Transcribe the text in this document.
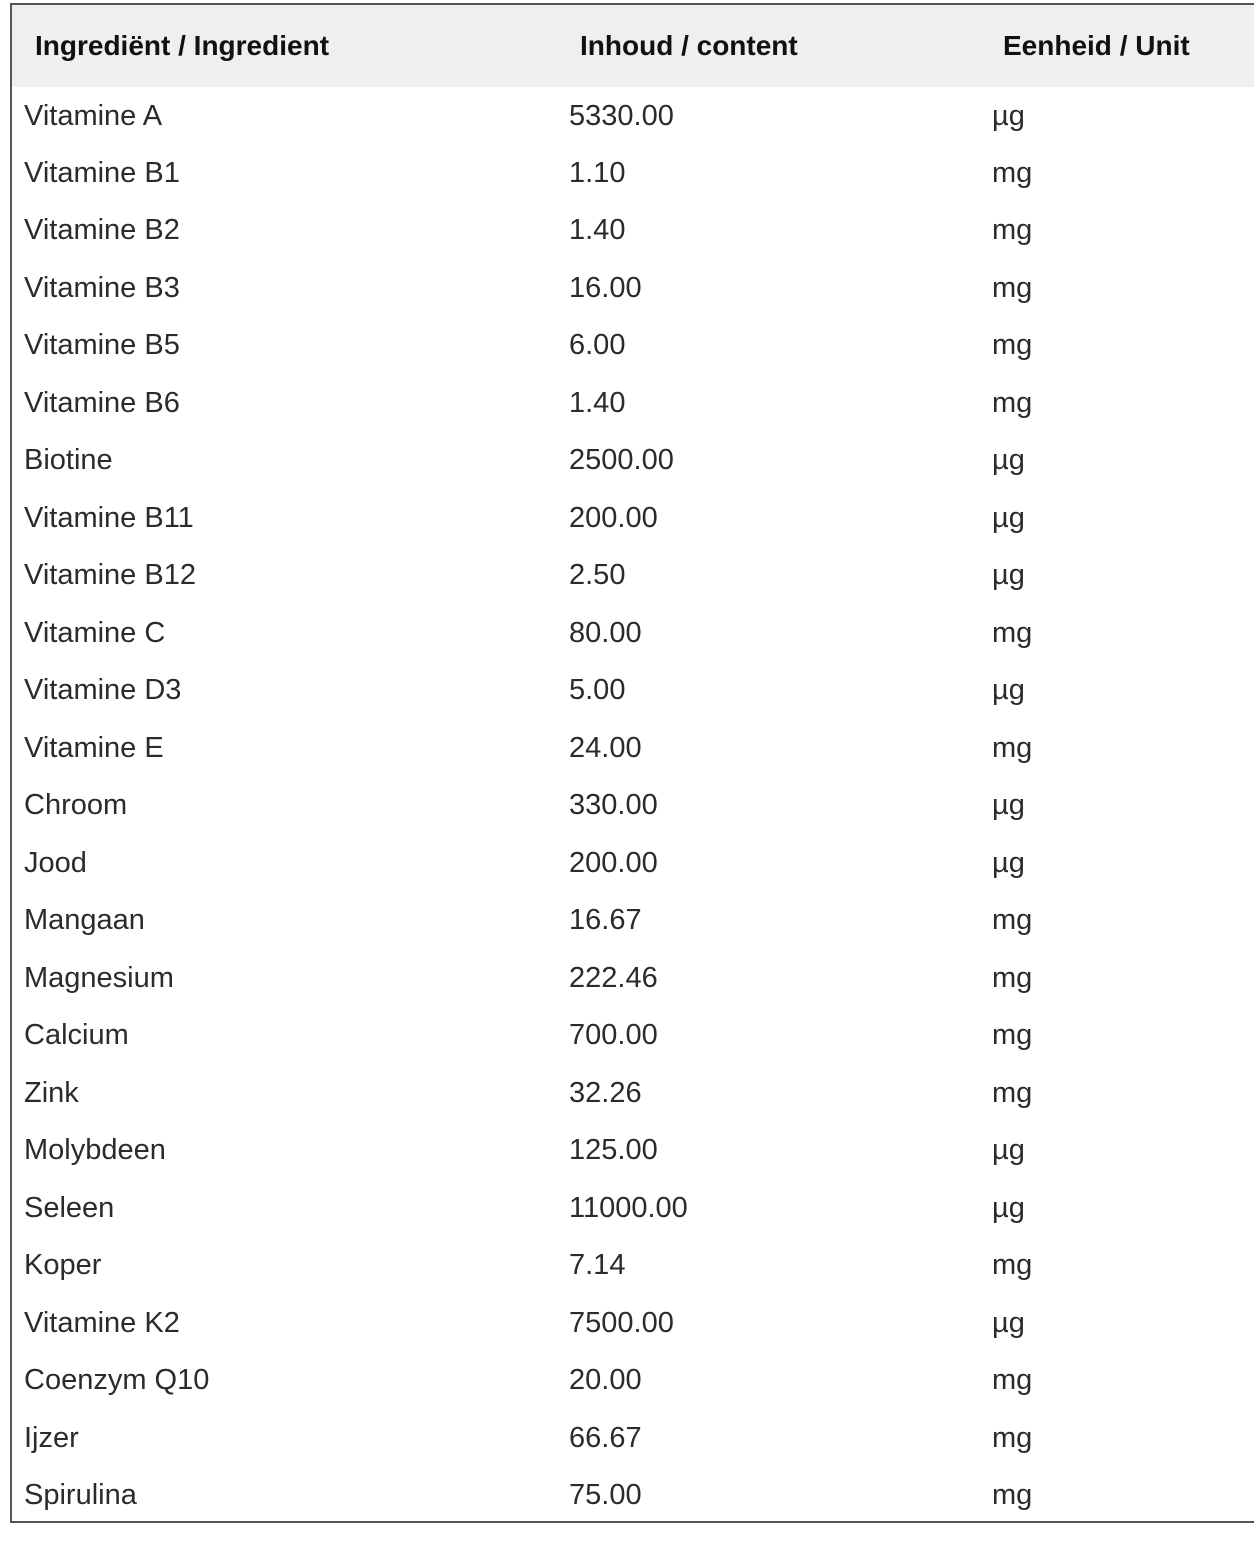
Ingrediënt / Ingredient	Inhoud / content	Eenheid / Unit
Vitamine A	5330.00	µg
Vitamine B1	1.10	mg
Vitamine B2	1.40	mg
Vitamine B3	16.00	mg
Vitamine B5	6.00	mg
Vitamine B6	1.40	mg
Biotine	2500.00	µg
Vitamine B11	200.00	µg
Vitamine B12	2.50	µg
Vitamine C	80.00	mg
Vitamine D3	5.00	µg
Vitamine E	24.00	mg
Chroom	330.00	µg
Jood	200.00	µg
Mangaan	16.67	mg
Magnesium	222.46	mg
Calcium	700.00	mg
Zink	32.26	mg
Molybdeen	125.00	µg
Seleen	11000.00	µg
Koper	7.14	mg
Vitamine K2	7500.00	µg
Coenzym Q10	20.00	mg
Ijzer	66.67	mg
Spirulina	75.00	mg
